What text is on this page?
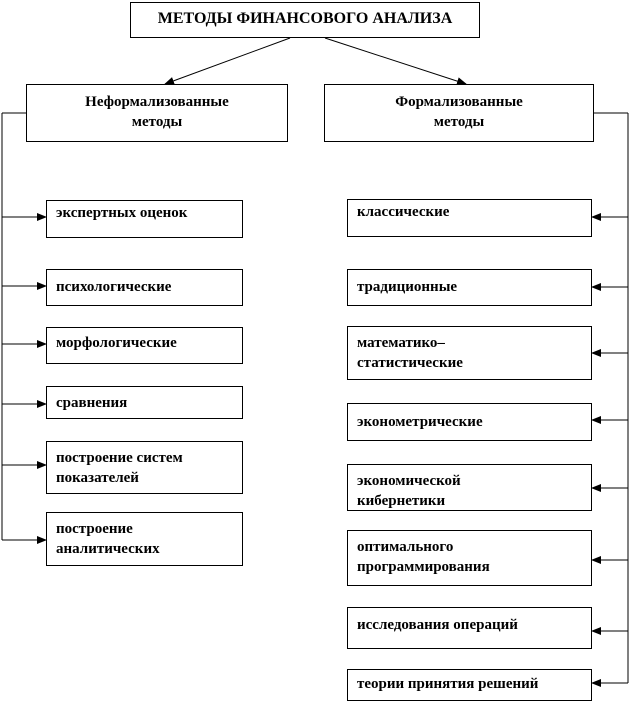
МЕТОДЫ ФИНАНСОВОГО АНАЛИЗА
Неформализованные
методы
Формализованные
методы
экспертных оценок
психологические
морфологические
сравнения
построение систем
показателей
построение
аналитических
классические
традиционные
математико–
статистические
эконометрические
экономической
кибернетики
оптимального
программирования
исследования операций
теории принятия решений
